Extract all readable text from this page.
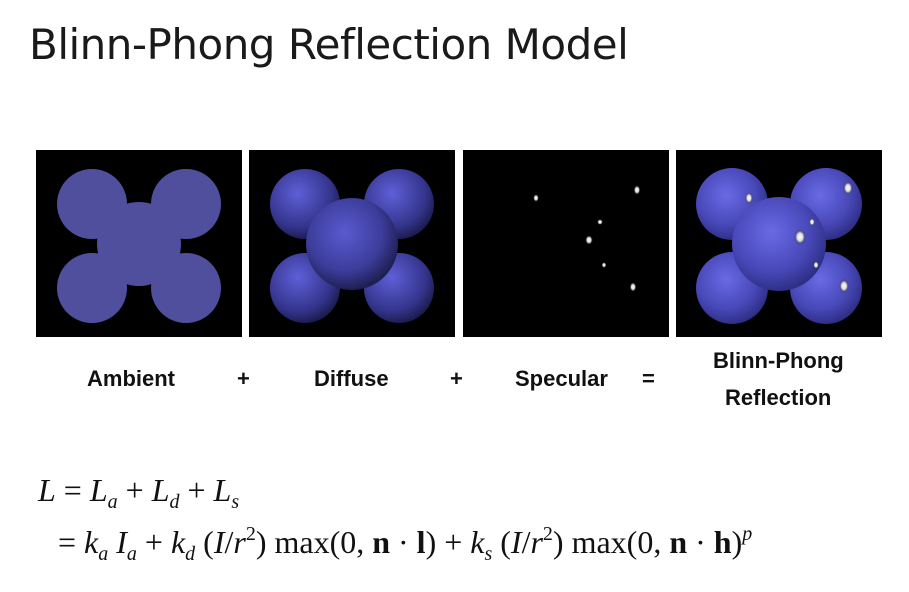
Blinn-Phong Reflection Model
Ambient	+	Diffuse	+ Specular =
Blinn-Phong
Reflection
$L = L_a + L_d + L_s$
= $k_a$ $I_a + k_d$ $(I/r^2)$ max(0, $n \cdot l) + k_s$ $(I/r^2)$ max(0, n · h)$^p$
